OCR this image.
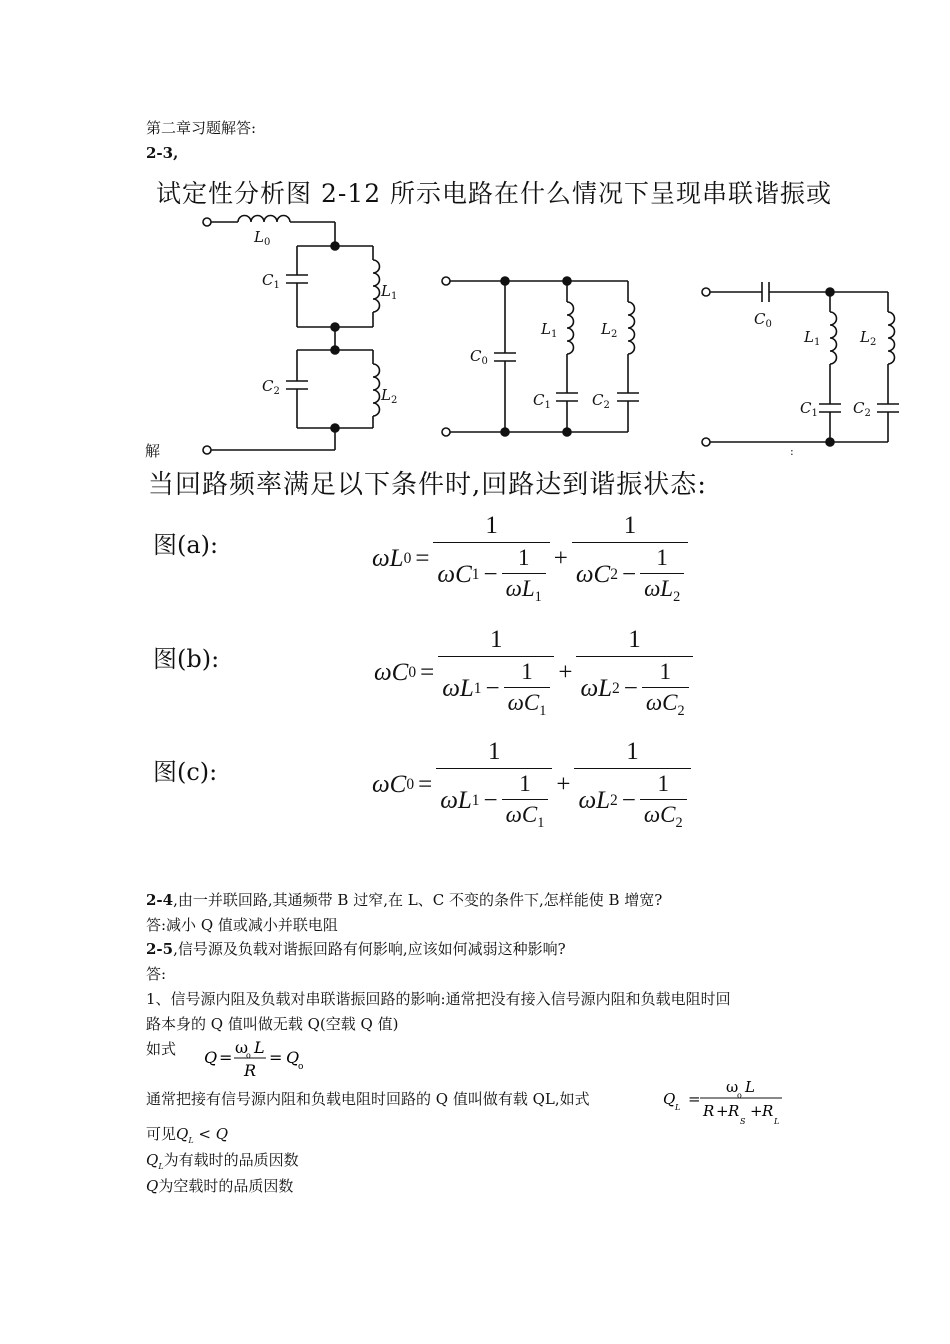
第二章习题解答:
2-3,
试定性分析图 2-12 所示电路在什么情况下呈现串联谐振或
$L_0$
$C_1$	$L_1$
$C_2$	$L_2$
$C_0$
$L_1$	$L_2$
$C_1$	$C_2$
$C_0$
$L_1$	$L_2$
$C_1$ $C_2$
解	:
当回路频率满足以下条件时,回路达到谐振状态:
图(a):	ωL $0 = \frac{1}{\omega C 1 - \frac{1}{\omega L_1}} + \frac{1}{\omega C 2 - \frac{1}{\omega L_2}}$
图(b):	ωC $0 = \frac{1}{\omega L 1 - \frac{1}{\omega C_1}} + \frac{1}{\omega L 2 - \frac{1}{\omega C_2}}$
图(c):	ωC $0 = \frac{1}{\omega L 1 - \frac{1}{\omega C_1}} + \frac{1}{\omega L 2 - \frac{1}{\omega C_2}}$
2-4,由一并联回路,其通频带 B 过窄,在 L、C 不变的条件下,怎样能使 B 增宽?
答:减小 Q 值或减小并联电阻
2-5,信号源及负载对谐振回路有何影响,应该如何减弱这种影响?
答:
1、信号源内阻及负载对串联谐振回路的影响:通常把没有接入信号源内阻和负载电阻时回
路本身的 Q 值叫做无载 Q(空载 Q 值)
如式 Q =
ω
o L
R
= Q
o
通常把接有信号源内阻和负载电阻时回路的 Q 值叫做有载 QL,如式	Q L =
ω
o L
R + R
S
+ R
L
可见$Q_L < Q$
$Q_L$为有载时的品质因数
Q为空载时的品质因数
